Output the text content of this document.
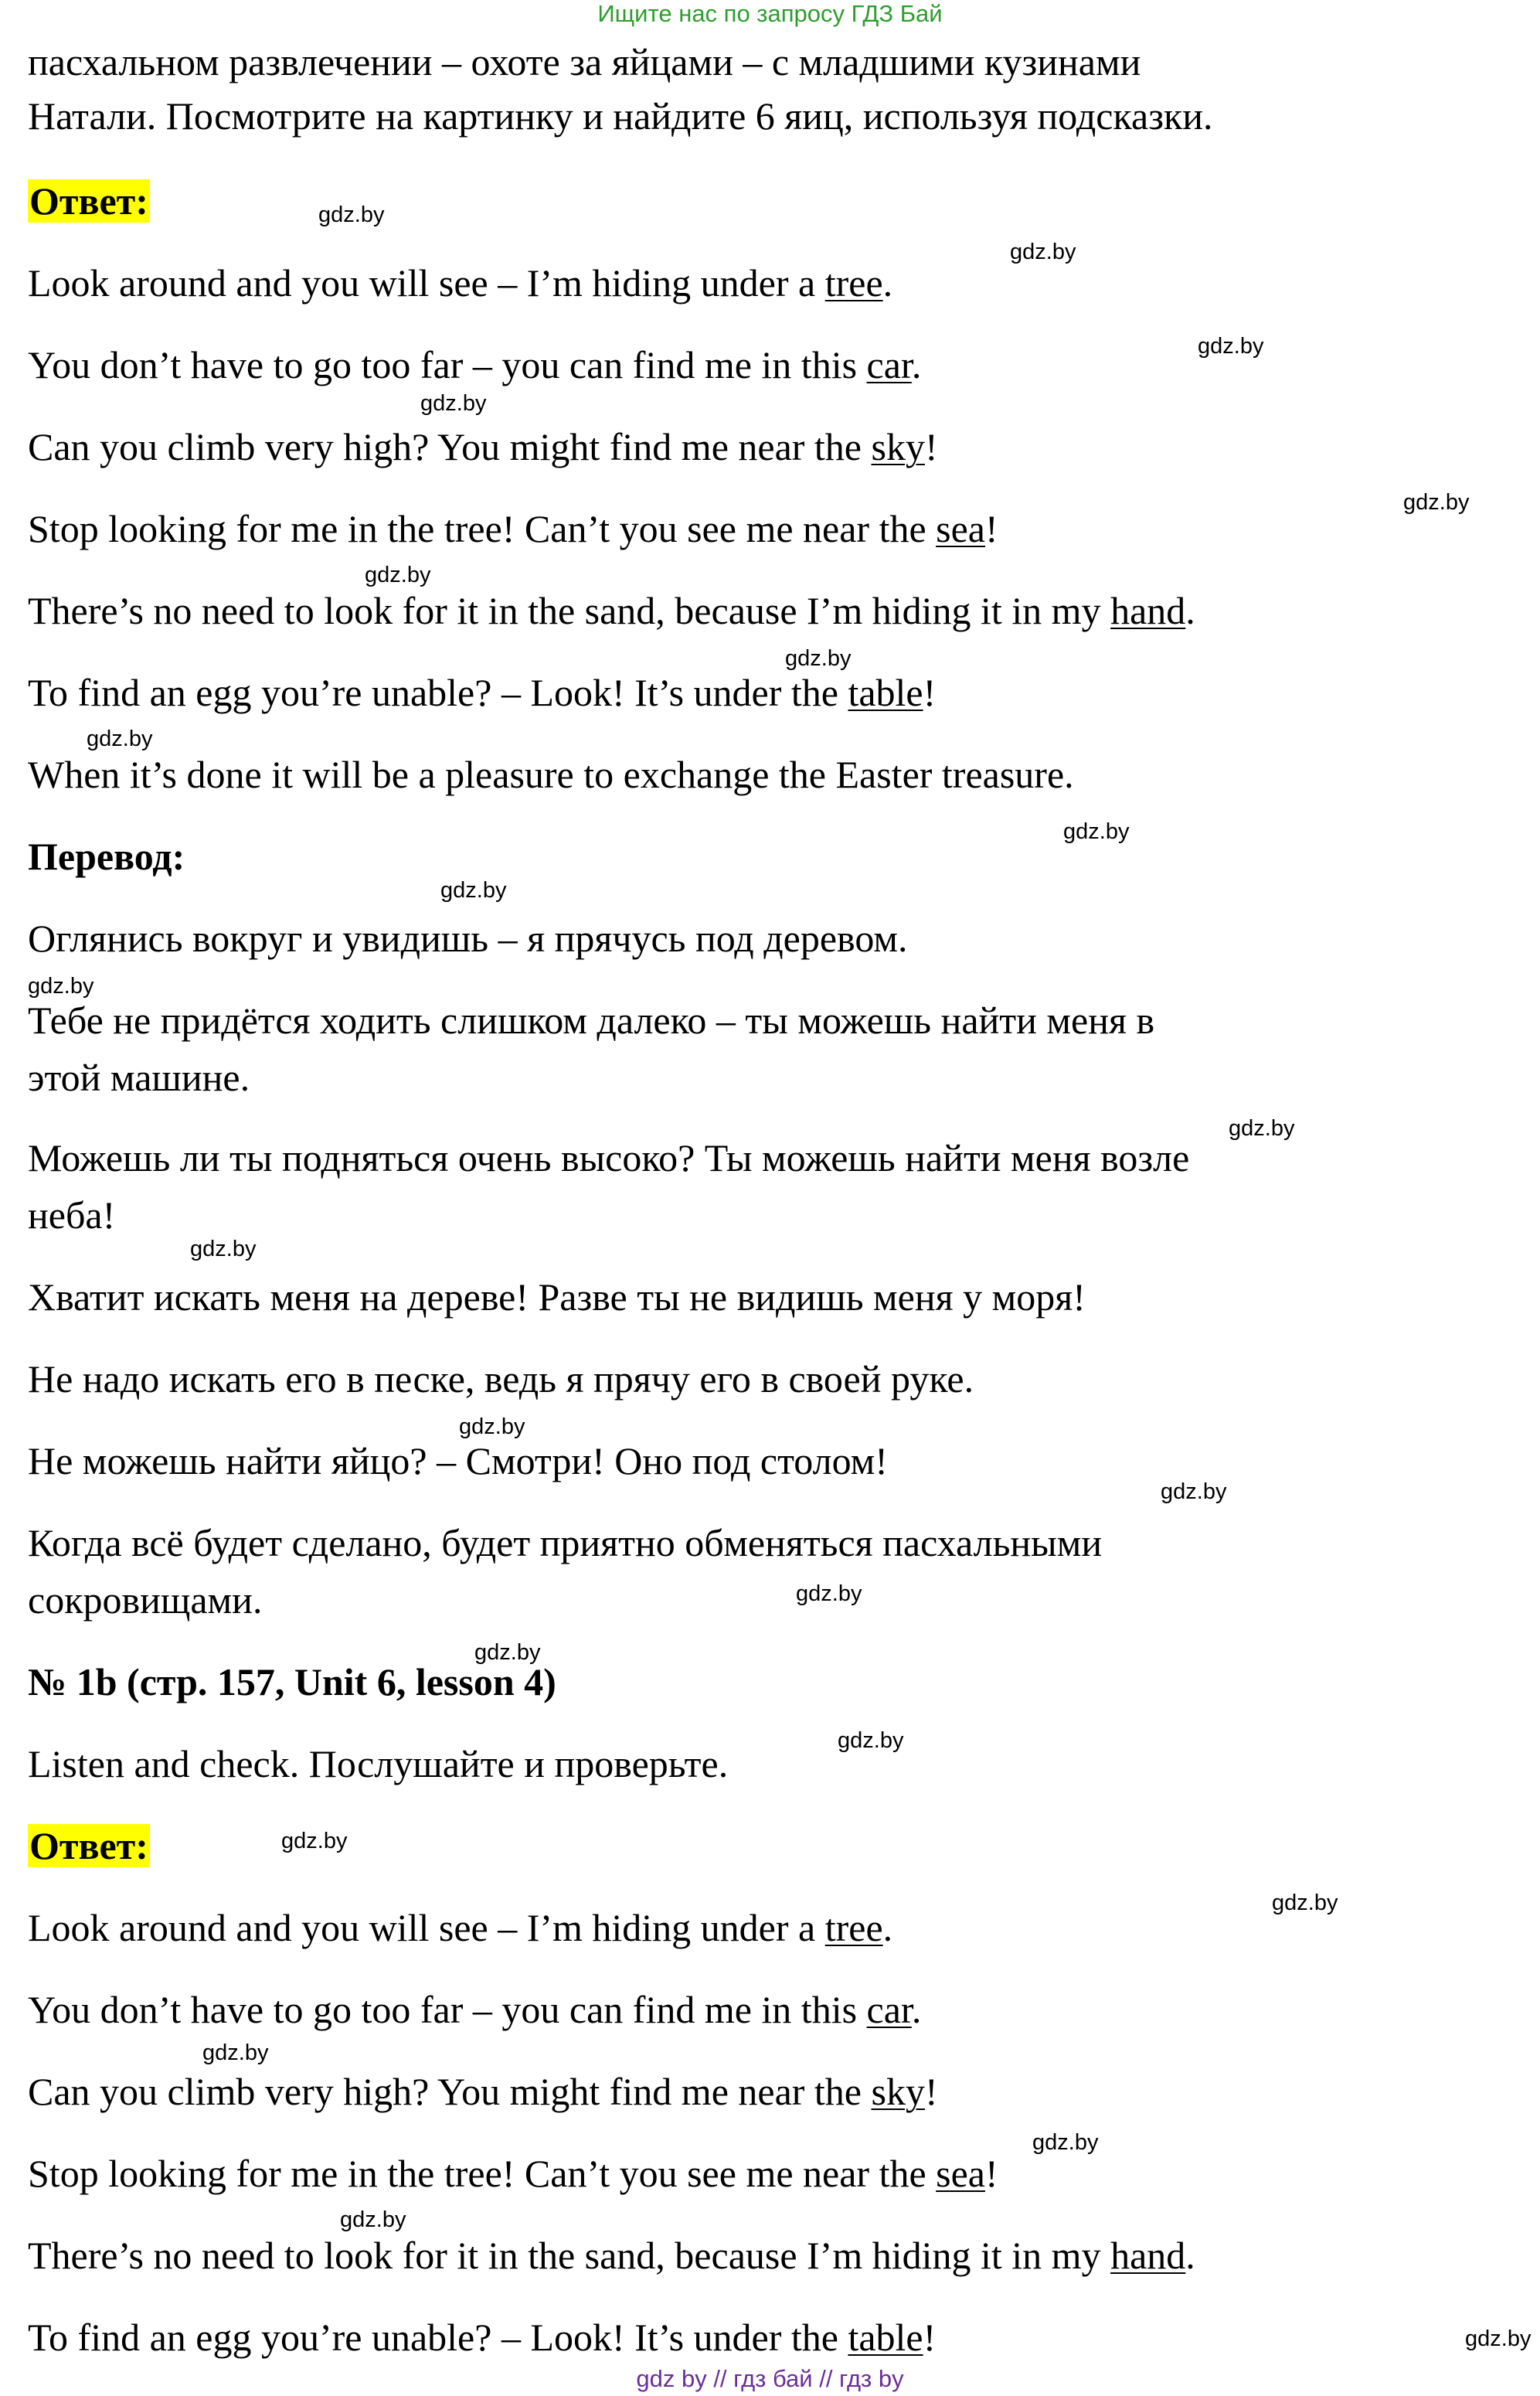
Ищите нас по запросу ГДЗ Бай
пасхальном развлечении – охоте за яйцами – с младшими кузинами
Натали. Посмотрите на картинку и найдите 6 яиц, используя подсказки.
Ответ:
Look around and you will see – I’m hiding under a tree.
You don’t have to go too far – you can find me in this car.
Can you climb very high? You might find me near the sky!
Stop looking for me in the tree! Can’t you see me near the sea!
There’s no need to look for it in the sand, because I’m hiding it in my hand.
To find an egg you’re unable? – Look! It’s under the table!
When it’s done it will be a pleasure to exchange the Easter treasure.
Перевод:
Оглянись вокруг и увидишь – я прячусь под деревом.
Тебе не придётся ходить слишком далеко – ты можешь найти меня в
этой машине.
Можешь ли ты подняться очень высоко? Ты можешь найти меня возле
неба!
Хватит искать меня на дереве! Разве ты не видишь меня у моря!
Не надо искать его в песке, ведь я прячу его в своей руке.
Не можешь найти яйцо? – Смотри! Оно под столом!
Когда всё будет сделано, будет приятно обменяться пасхальными
сокровищами.
№ 1b (стр. 157, Unit 6, lesson 4)
Listen and check. Послушайте и проверьте.
Ответ:
Look around and you will see – I’m hiding under a tree.
You don’t have to go too far – you can find me in this car.
Can you climb very high? You might find me near the sky!
Stop looking for me in the tree! Can’t you see me near the sea!
There’s no need to look for it in the sand, because I’m hiding it in my hand.
To find an egg you’re unable? – Look! It’s under the table!
gdz.by
gdz.by
gdz.by
gdz.by
gdz.by
gdz.by
gdz.by
gdz.by
gdz.by
gdz.by
gdz.by
gdz.by
gdz.by
gdz.by
gdz.by
gdz.by
gdz.by
gdz.by
gdz.by
gdz.by
gdz.by
gdz.by
gdz.by
gdz.by
gdz by // гдз бай // гдз by
